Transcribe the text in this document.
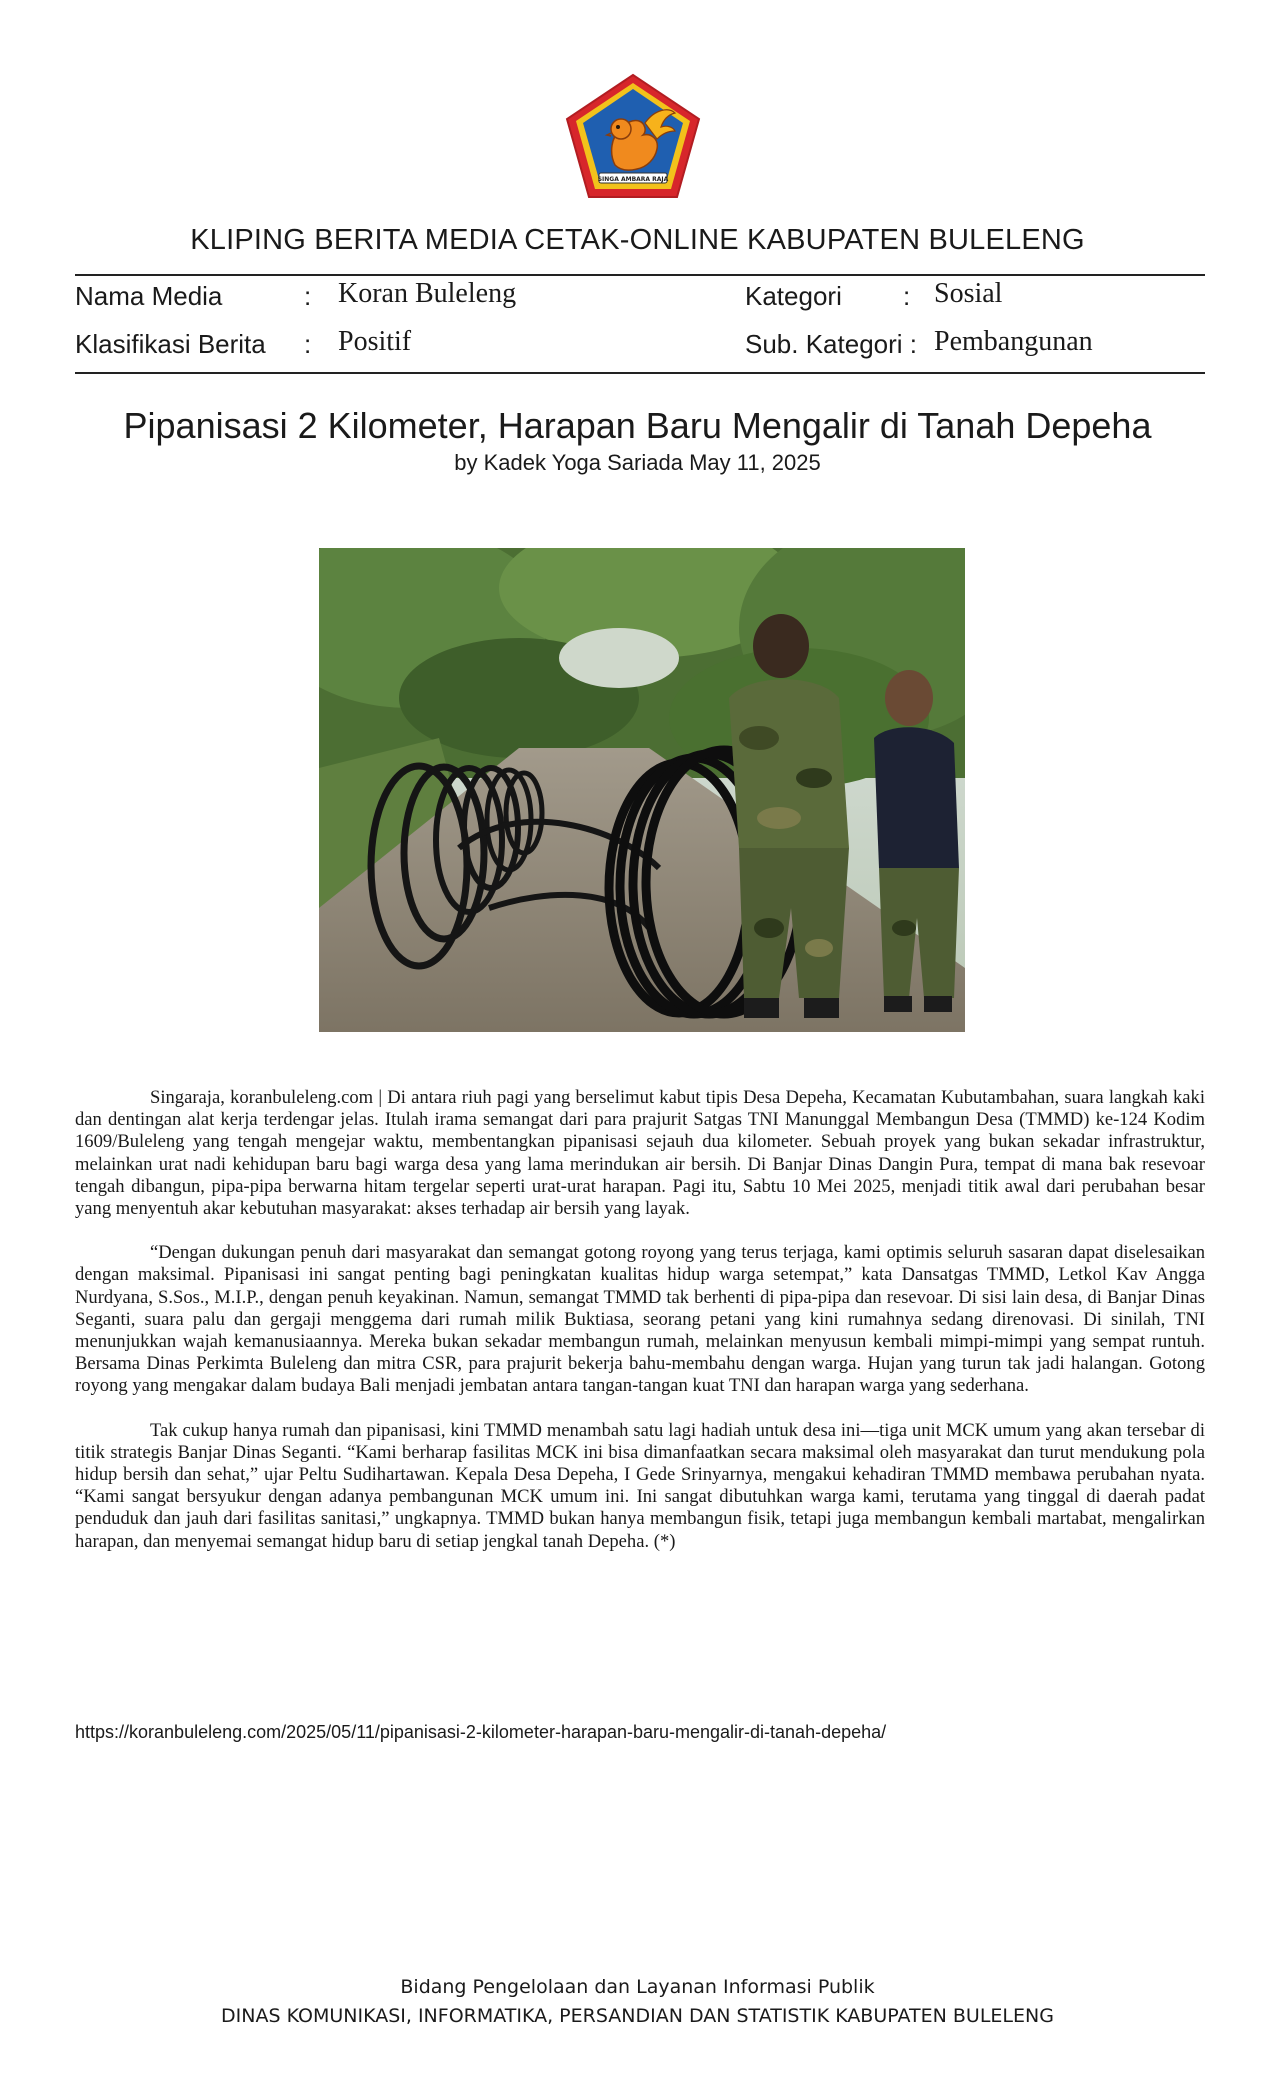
SINGA AMBARA RAJA
KLIPING BERITA MEDIA CETAK-ONLINE KABUPATEN BULELENG
Nama Media	: Koran Buleleng	Kategori : Sosial
Klasifikasi Berita : Positif	Sub. Kategori : Pembangunan
Pipanisasi 2 Kilometer, Harapan Baru Mengalir di Tanah Depeha
by Kadek Yoga Sariada May 11, 2025

Singaraja, koranbuleleng.com | Di antara riuh pagi yang berselimut kabut tipis Desa Depeha, Kecamatan Kubutambahan, suara langkah kaki dan dentingan alat kerja terdengar jelas. Itulah irama semangat dari para prajurit Satgas TNI Manunggal Membangun Desa (TMMD) ke-124 Kodim 1609/Buleleng yang tengah mengejar waktu, membentangkan pipanisasi sejauh dua kilometer. Sebuah proyek yang bukan sekadar infrastruktur, melainkan urat nadi kehidupan baru bagi warga desa yang lama merindukan air bersih. Di Banjar Dinas Dangin Pura, tempat di mana bak resevoar tengah dibangun, pipa-pipa berwarna hitam tergelar seperti urat-urat harapan. Pagi itu, Sabtu 10 Mei 2025, menjadi titik awal dari perubahan besar yang menyentuh akar kebutuhan masyarakat: akses terhadap air bersih yang layak.

“Dengan dukungan penuh dari masyarakat dan semangat gotong royong yang terus terjaga, kami optimis seluruh sasaran dapat diselesaikan dengan maksimal. Pipanisasi ini sangat penting bagi peningkatan kualitas hidup warga setempat,” kata Dansatgas TMMD, Letkol Kav Angga Nurdyana, S.Sos., M.I.P., dengan penuh keyakinan. Namun, semangat TMMD tak berhenti di pipa-pipa dan resevoar. Di sisi lain desa, di Banjar Dinas Seganti, suara palu dan gergaji menggema dari rumah milik Buktiasa, seorang petani yang kini rumahnya sedang direnovasi. Di sinilah, TNI menunjukkan wajah kemanusiaannya. Mereka bukan sekadar membangun rumah, melainkan menyusun kembali mimpi-mimpi yang sempat runtuh. Bersama Dinas Perkimta Buleleng dan mitra CSR, para prajurit bekerja bahu-membahu dengan warga. Hujan yang turun tak jadi halangan. Gotong royong yang mengakar dalam budaya Bali menjadi jembatan antara tangan-tangan kuat TNI dan harapan warga yang sederhana.

Tak cukup hanya rumah dan pipanisasi, kini TMMD menambah satu lagi hadiah untuk desa ini—tiga unit MCK umum yang akan tersebar di titik strategis Banjar Dinas Seganti. “Kami berharap fasilitas MCK ini bisa dimanfaatkan secara maksimal oleh masyarakat dan turut mendukung pola hidup bersih dan sehat,” ujar Peltu Sudihartawan. Kepala Desa Depeha, I Gede Srinyarnya, mengakui kehadiran TMMD membawa perubahan nyata. “Kami sangat bersyukur dengan adanya pembangunan MCK umum ini. Ini sangat dibutuhkan warga kami, terutama yang tinggal di daerah padat penduduk dan jauh dari fasilitas sanitasi,” ungkapnya. TMMD bukan hanya membangun fisik, tetapi juga membangun kembali martabat, mengalirkan harapan, dan menyemai semangat hidup baru di setiap jengkal tanah Depeha. (*)

https://koranbuleleng.com/2025/05/11/pipanisasi-2-kilometer-harapan-baru-mengalir-di-tanah-depeha/
Bidang Pengelolaan dan Layanan Informasi Publik
DINAS KOMUNIKASI, INFORMATIKA, PERSANDIAN DAN STATISTIK KABUPATEN BULELENG
